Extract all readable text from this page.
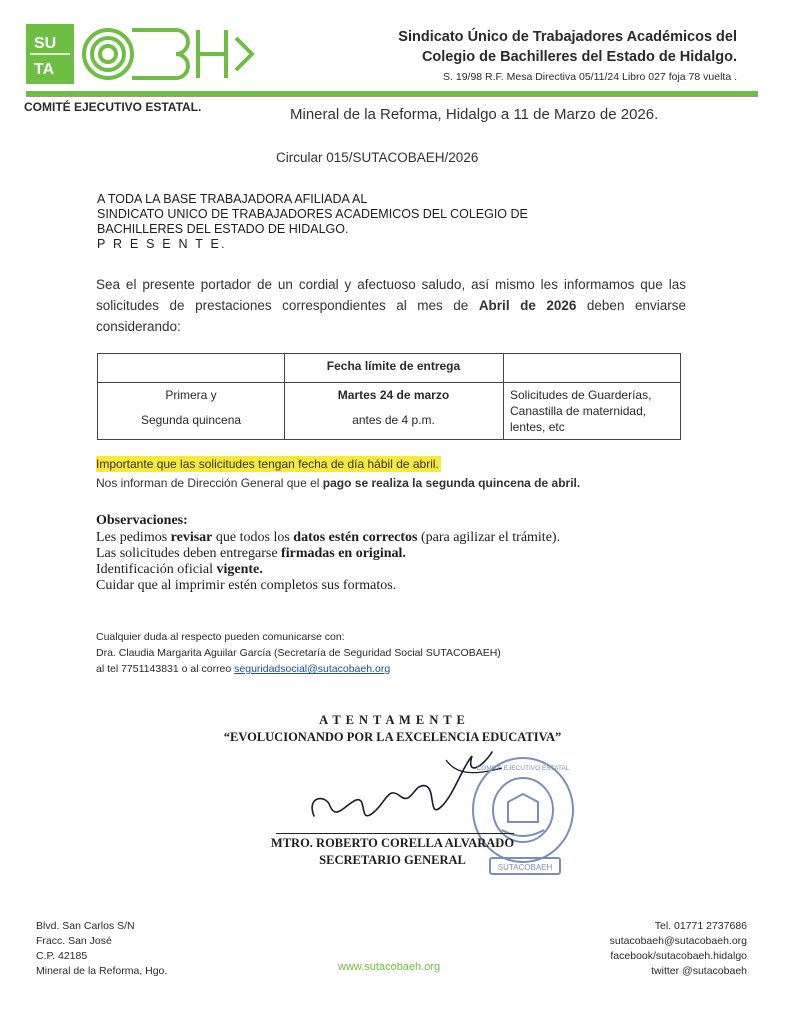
SU
TA
Sindicato Único de Trabajadores Académicos del
Colegio de Bachilleres del Estado de Hidalgo.
S. 19/98 R.F. Mesa Directiva 05/11/24 Libro 027 foja 78 vuelta .
COMITÉ EJECUTIVO ESTATAL.	Mineral de la Reforma, Hidalgo a 11 de Marzo de 2026.
Circular 015/SUTACOBAEH/2026
A TODA LA BASE TRABAJADORA AFILIADA AL
SINDICATO UNICO DE TRABAJADORES ACADEMICOS DEL COLEGIO DE
BACHILLERES DEL ESTADO DE HIDALGO.
P R E S E N T E.
Sea el presente portador de un cordial y afectuoso saludo, así mismo les informamos que las solicitudes de prestaciones correspondientes al mes de Abril de 2026 deben enviarse considerando:
Fecha límite de entrega
Primera y
Segunda quincena
Martes 24 de marzo
antes de 4 p.m.
Solicitudes de Guarderías,
Canastilla de maternidad,
lentes, etc
Importante que las solicitudes tengan fecha de día hábil de abril.
Nos informan de Dirección General que el pago se realiza la segunda quincena de abril.
Observaciones:
Les pedimos revisar que todos los datos estén correctos (para agilizar el trámite).
Las solicitudes deben entregarse firmadas en original.
Identificación oficial vigente.
Cuidar que al imprimir estén completos sus formatos.
Cualquier duda al respecto pueden comunicarse con:
Dra. Claudia Margarita Aguilar García (Secretaría de Seguridad Social SUTACOBAEH)
al tel 7751143831 o al correo seguridadsocial@sutacobaeh.org
A T E N T A M E N T E
“EVOLUCIONANDO POR LA EXCELENCIA EDUCATIVA”
SUTACOBAEH
COMITÉ EJECUTIVO ESTATAL
MTRO. ROBERTO CORELLA ALVARADO
SECRETARIO GENERAL
Blvd. San Carlos S/N
Fracc. San José
C.P. 42185
Mineral de la Reforma, Hgo.	www.sutacobaeh.org
Tel. 01771 2737686
sutacobaeh@sutacobaeh.org
facebook/sutacobaeh.hidalgo
twitter @sutacobaeh
